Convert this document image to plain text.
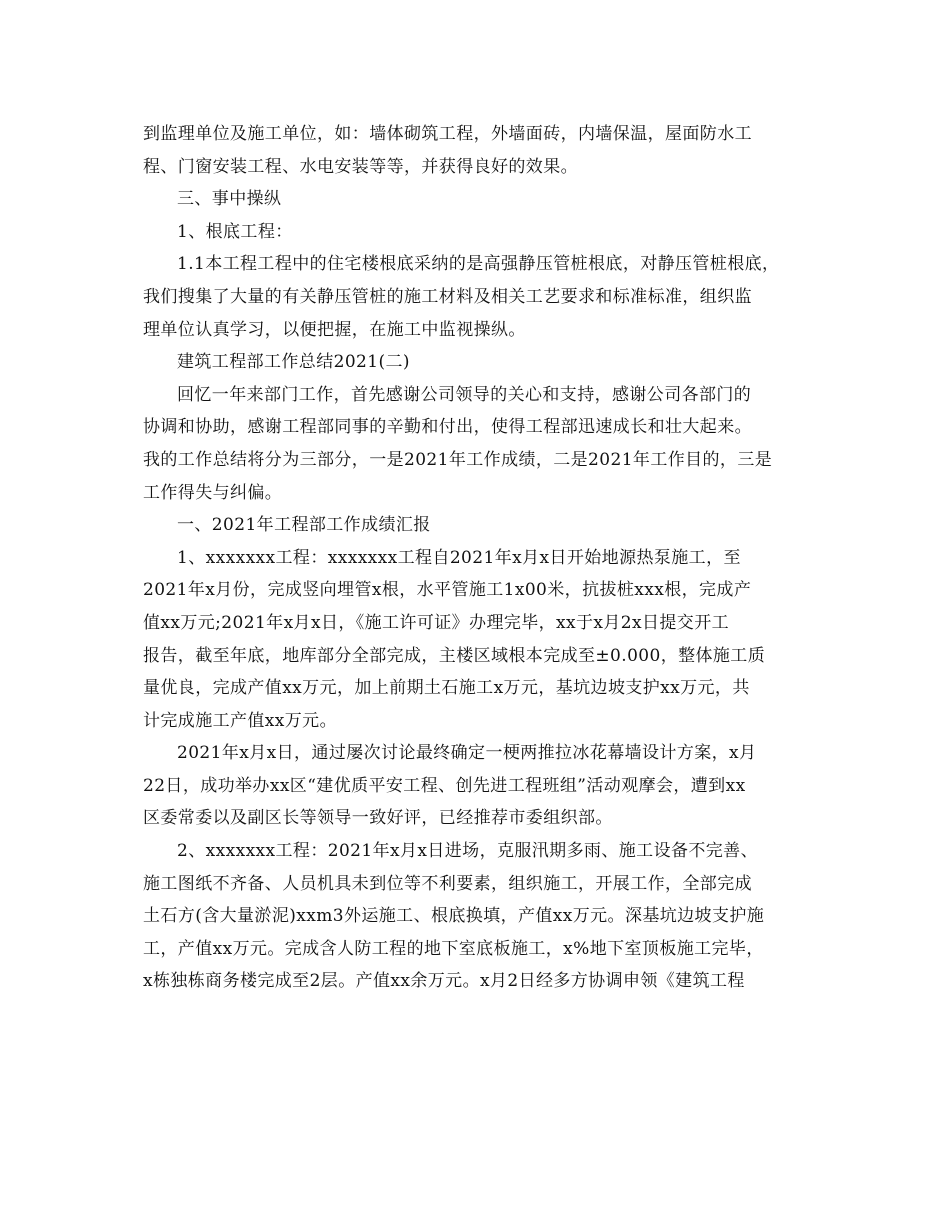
到监理单位及施工单位，如：墙体砌筑工程，外墙面砖，内墙保温，屋面防水工
程、门窗安装工程、水电安装等等，并获得良好的效果。
三、事中操纵
1、根底工程：
1.1本工程工程中的住宅楼根底采纳的是高强静压管桩根底，对静压管桩根底，
我们搜集了大量的有关静压管桩的施工材料及相关工艺要求和标准标准，组织监
理单位认真学习，以便把握，在施工中监视操纵。
建筑工程部工作总结2021(二)
回忆一年来部门工作，首先感谢公司领导的关心和支持，感谢公司各部门的
协调和协助，感谢工程部同事的辛勤和付出，使得工程部迅速成长和壮大起来。
我的工作总结将分为三部分，一是2021年工作成绩，二是2021年工作目的，三是
工作得失与纠偏。
一、2021年工程部工作成绩汇报
1、xxxxxxx工程：xxxxxxx工程自2021年x月x日开始地源热泵施工，至
2021年x月份，完成竖向埋管x根，水平管施工1x00米，抗拔桩xxx根，完成产
值xx万元;2021年x月x日，《施工许可证》办理完毕，xx于x月2x日提交开工
报告，截至年底，地库部分全部完成，主楼区域根本完成至±0.000，整体施工质
量优良，完成产值xx万元，加上前期土石施工x万元，基坑边坡支护xx万元，共
计完成施工产值xx万元。
2021年x月x日，通过屡次讨论最终确定一梗两推拉冰花幕墙设计方案，x月
22日，成功举办xx区“建优质平安工程、创先进工程班组”活动观摩会，遭到xx
区委常委以及副区长等领导一致好评，已经推荐市委组织部。
2、xxxxxxx工程：2021年x月x日进场，克服汛期多雨、施工设备不完善、
施工图纸不齐备、人员机具未到位等不利要素，组织施工，开展工作，全部完成
土石方(含大量淤泥)xxm3外运施工、根底换填，产值xx万元。深基坑边坡支护施
工，产值xx万元。完成含人防工程的地下室底板施工，x%地下室顶板施工完毕，
x栋独栋商务楼完成至2层。产值xx余万元。x月2日经多方协调申领《建筑工程
